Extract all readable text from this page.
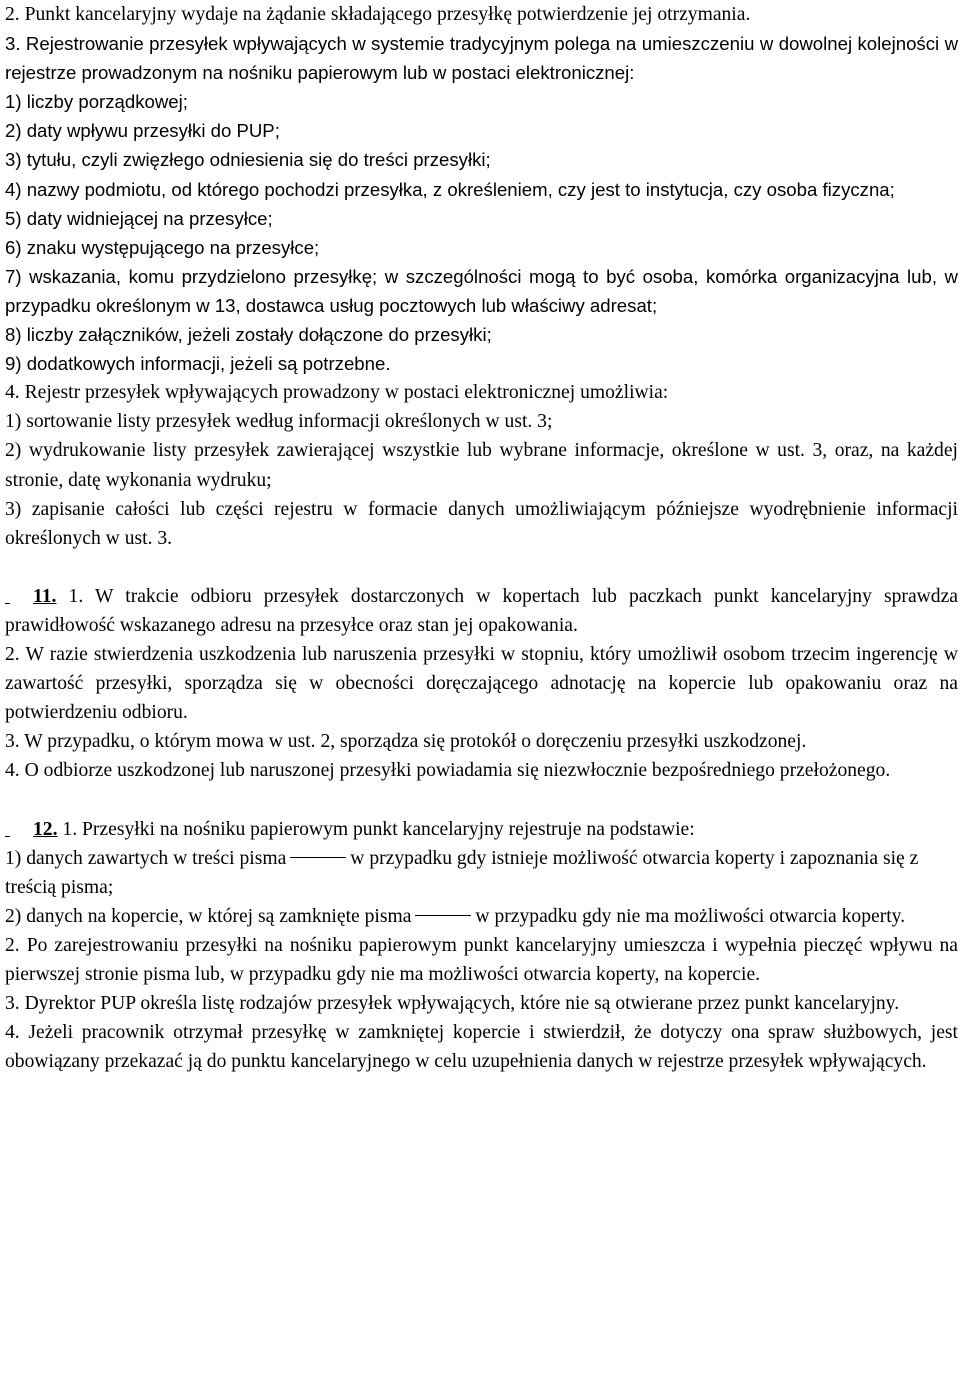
2. Punkt kancelaryjny wydaje na żądanie składającego przesyłkę potwierdzenie jej otrzymania.

3. Rejestrowanie przesyłek wpływających w systemie tradycyjnym polega na umieszczeniu w dowolnej kolejności w rejestrze prowadzonym na nośniku papierowym lub w postaci elektronicznej:

1) liczby porządkowej;

2) daty wpływu przesyłki do PUP;

3) tytułu, czyli zwięzłego odniesienia się do treści przesyłki;

4) nazwy podmiotu, od którego pochodzi przesyłka, z określeniem, czy jest to instytucja, czy osoba fizyczna;

5) daty widniejącej na przesyłce;

6) znaku występującego na przesyłce;

7) wskazania, komu przydzielono przesyłkę; w szczególności mogą to być osoba, komórka organizacyjna lub, w przypadku określonym w 13, dostawca usług pocztowych lub właściwy adresat;

8) liczby załączników, jeżeli zostały dołączone do przesyłki;

9) dodatkowych informacji, jeżeli są potrzebne.

4. Rejestr przesyłek wpływających prowadzony w postaci elektronicznej umożliwia:

1) sortowanie listy przesyłek według informacji określonych w ust. 3;

2) wydrukowanie listy przesyłek zawierającej wszystkie lub wybrane informacje, określone w ust. 3, oraz, na każdej stronie, datę wykonania wydruku;

3) zapisanie całości lub części rejestru w formacie danych umożliwiającym późniejsze wyodrębnienie informacji określonych w ust. 3.

11. 1. W trakcie odbioru przesyłek dostarczonych w kopertach lub paczkach punkt kancelaryjny sprawdza prawidłowość wskazanego adresu na przesyłce oraz stan jej opakowania.

2. W razie stwierdzenia uszkodzenia lub naruszenia przesyłki w stopniu, który umożliwił osobom trzecim ingerencję w zawartość przesyłki, sporządza się w obecności doręczającego adnotację na kopercie lub opakowaniu oraz na potwierdzeniu odbioru.

3. W przypadku, o którym mowa w ust. 2, sporządza się protokół o doręczeniu przesyłki uszkodzonej.

4. O odbiorze uszkodzonej lub naruszonej przesyłki powiadamia się niezwłocznie bezpośredniego przełożonego.

12. 1. Przesyłki na nośniku papierowym punkt kancelaryjny rejestruje na podstawie:

1) danych zawartych w treści pisma	w przypadku gdy istnieje możliwość otwarcia koperty i zapoznania się z treścią pisma;

2) danych na kopercie, w której są zamknięte pisma	w przypadku gdy nie ma możliwości otwarcia koperty.

2. Po zarejestrowaniu przesyłki na nośniku papierowym punkt kancelaryjny umieszcza i wypełnia pieczęć wpływu na pierwszej stronie pisma lub, w przypadku gdy nie ma możliwości otwarcia koperty, na kopercie.

3. Dyrektor PUP określa listę rodzajów przesyłek wpływających, które nie są otwierane przez punkt kancelaryjny.

4. Jeżeli pracownik otrzymał przesyłkę w zamkniętej kopercie i stwierdził, że dotyczy ona spraw służbowych, jest obowiązany przekazać ją do punktu kancelaryjnego w celu uzupełnienia danych w rejestrze przesyłek wpływających.
